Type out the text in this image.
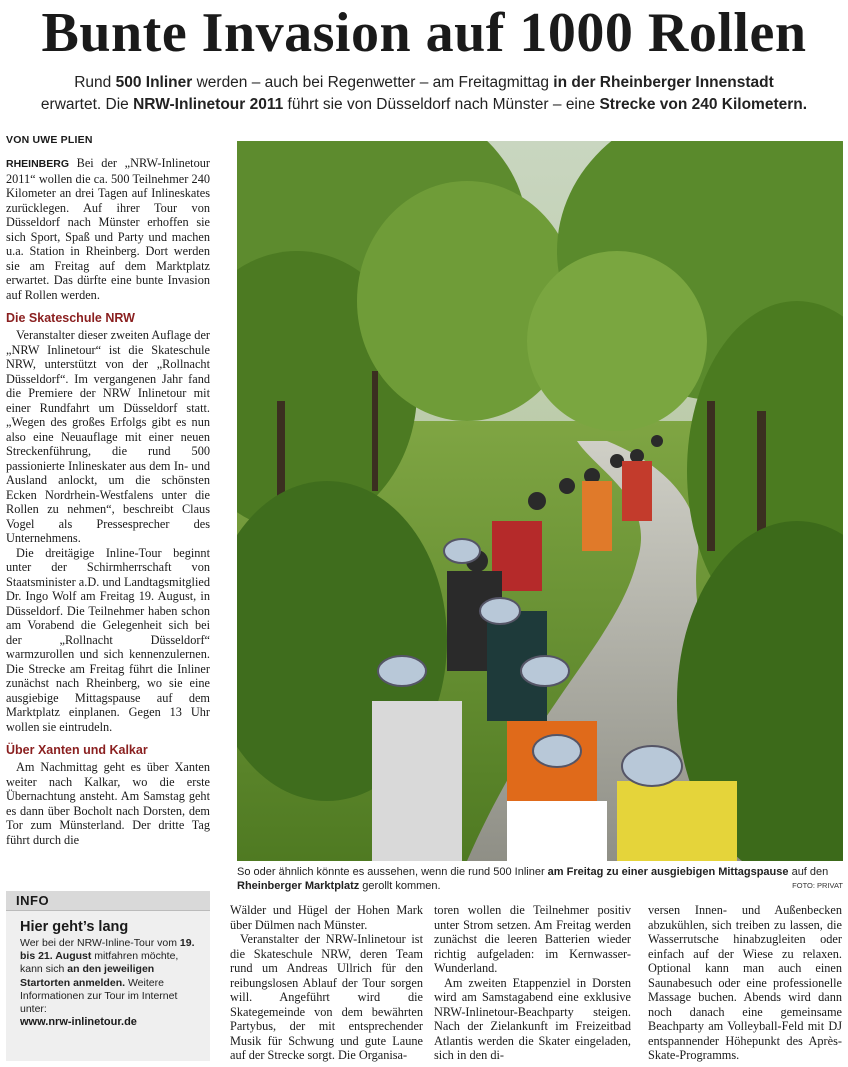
Bunte Invasion auf 1000 Rollen
Rund 500 Inliner werden – auch bei Regenwetter – am Freitagmittag in der Rheinberger Innenstadt
erwartet. Die NRW-Inlinetour 2011 führt sie von Düsseldorf nach Münster – eine Strecke von 240 Kilometern.
VON UWE PLIEN

RHEINBERG Bei der „NRW-Inlinetour 2011“ wollen die ca. 500 Teilnehmer 240 Kilometer an drei Tagen auf Inlineskates zurücklegen. Auf ihrer Tour von Düsseldorf nach Münster erhoffen sie sich Sport, Spaß und Party und machen u.a. Station in Rheinberg. Dort werden sie am Freitag auf dem Marktplatz erwartet. Das dürfte eine bunte Invasion auf Rollen werden.

Die Skateschule NRW

Veranstalter dieser zweiten Auflage der „NRW Inlinetour“ ist die Skateschule NRW, unterstützt von der „Rollnacht Düsseldorf“. Im vergangenen Jahr fand die Premiere der NRW Inlinetour mit einer Rundfahrt um Düsseldorf statt. „Wegen des großes Erfolgs gibt es nun also eine Neuauflage mit einer neuen Streckenführung, die rund 500 passionierte Inlineskater aus dem In- und Ausland anlockt, um die schönsten Ecken Nordrhein-Westfalens unter die Rollen zu nehmen“, beschreibt Claus Vogel als Pressesprecher des Unternehmens.

Die dreitägige Inline-Tour beginnt unter der Schirmherrschaft von Staatsminister a.D. und Landtagsmitglied Dr. Ingo Wolf am Freitag 19. August, in Düsseldorf. Die Teilnehmer haben schon am Vorabend die Gelegenheit sich bei der „Rollnacht Düsseldorf“ warmzurollen und sich kennenzulernen. Die Strecke am Freitag führt die Inliner zunächst nach Rheinberg, wo sie eine ausgiebige Mittagspause auf dem Marktplatz einplanen. Gegen 13 Uhr wollen sie eintrudeln.

Über Xanten und Kalkar

Am Nachmittag geht es über Xanten weiter nach Kalkar, wo die erste Übernachtung ansteht. Am Samstag geht es dann über Bocholt nach Dorsten, dem Tor zum Münsterland. Der dritte Tag führt durch die

So oder ähnlich könnte es aussehen, wenn die rund 500 Inliner am Freitag zu einer ausgiebigen Mittagspause auf den Rheinberger Marktplatz gerollt kommen.	FOTO: PRIVAT
INFO
Hier geht’s lang
Wer bei der NRW-Inline-Tour vom 19. bis 21. August mitfahren möchte, kann sich an den jeweiligen Startorten anmelden. Weitere Informationen zur Tour im Internet unter:
www.nrw-inlinetour.de

Wälder und Hügel der Hohen Mark über Dülmen nach Münster.

Veranstalter der NRW-Inlinetour ist die Skateschule NRW, deren Team rund um Andreas Ullrich für den reibungslosen Ablauf der Tour sorgen will. Angeführt wird die Skategemeinde von dem bewährten Partybus, der mit entsprechender Musik für Schwung und gute Laune auf der Strecke sorgt. Die Organisa-

toren wollen die Teilnehmer positiv unter Strom setzen. Am Freitag werden zunächst die leeren Batterien wieder richtig aufgeladen: im Kernwasser-Wunderland.

Am zweiten Etappenziel in Dorsten wird am Samstagabend eine exklusive NRW-Inlinetour-Beachparty steigen. Nach der Zielankunft im Freizeitbad Atlantis werden die Skater eingeladen, sich in den di-

versen Innen- und Außenbecken abzukühlen, sich treiben zu lassen, die Wasserrutsche hinabzugleiten oder einfach auf der Wiese zu relaxen. Optional kann man auch einen Saunabesuch oder eine professionelle Massage buchen. Abends wird dann noch danach eine gemeinsame Beachparty am Volleyball-Feld mit DJ entspannender Höhepunkt des Après-Skate-Programms.
